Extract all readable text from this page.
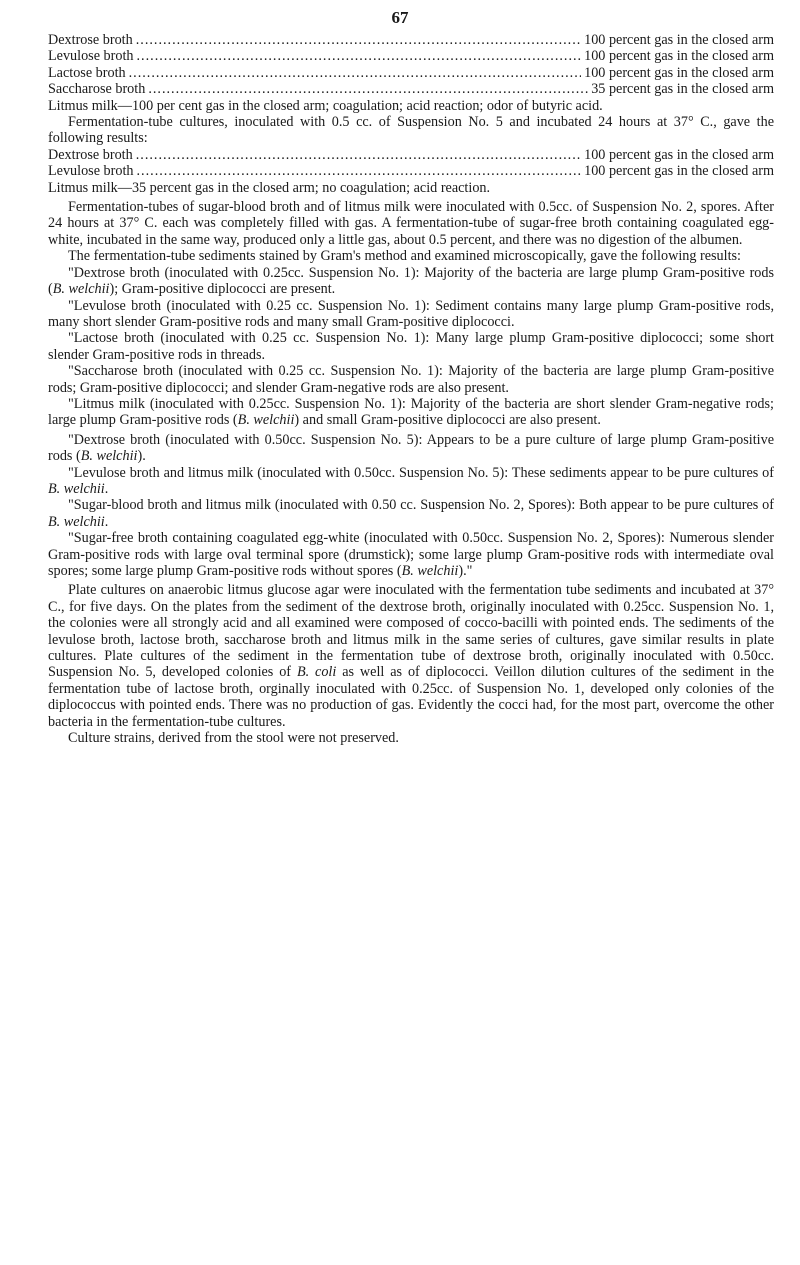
67
Dextrose broth .....	100 percent gas in the closed arm
Levulose broth .....	100 percent gas in the closed arm
Lactose broth .....	100 percent gas in the closed arm
Saccharose broth .....	35 percent gas in the closed arm
Litmus milk—100 per cent gas in the closed arm; coagulation; acid reaction; odor of butyric acid.

Fermentation-tube cultures, inoculated with 0.5 cc. of Suspension No. 5 and incubated 24 hours at 37° C., gave the following results:

Dextrose broth .....	100 percent gas in the closed arm
Levulose broth .....	100 percent gas in the closed arm
Litmus milk—35 percent gas in the closed arm; no coagulation; acid reaction.

Fermentation-tubes of sugar-blood broth and of litmus milk were inoculated with 0.5cc. of Suspension No. 2, spores. After 24 hours at 37° C. each was completely filled with gas. A fermentation-tube of sugar-free broth containing coagulated egg-white, incubated in the same way, produced only a little gas, about 0.5 percent, and there was no digestion of the albumen.

The fermentation-tube sediments stained by Gram's method and examined microscopically, gave the following results:

"Dextrose broth (inoculated with 0.25cc. Suspension No. 1): Majority of the bacteria are large plump Gram-positive rods (B. welchii); Gram-positive diplococci are present.

"Levulose broth (inoculated with 0.25 cc. Suspension No. 1): Sediment contains many large plump Gram-positive rods, many short slender Gram-positive rods and many small Gram-positive diplococci.

"Lactose broth (inoculated with 0.25 cc. Suspension No. 1): Many large plump Gram-positive diplococci; some short slender Gram-positive rods in threads.

"Saccharose broth (inoculated with 0.25 cc. Suspension No. 1): Majority of the bacteria are large plump Gram-positive rods; Gram-positive diplococci; and slender Gram-negative rods are also present.

"Litmus milk (inoculated with 0.25cc. Suspension No. 1): Majority of the bacteria are short slender Gram-negative rods; large plump Gram-positive rods (B. welchii) and small Gram-positive diplococci are also present.

"Dextrose broth (inoculated with 0.50cc. Suspension No. 5): Appears to be a pure culture of large plump Gram-positive rods (B. welchii).

"Levulose broth and litmus milk (inoculated with 0.50cc. Suspension No. 5): These sediments appear to be pure cultures of B. welchii.

"Sugar-blood broth and litmus milk (inoculated with 0.50 cc. Suspension No. 2, Spores): Both appear to be pure cultures of B. welchii.

"Sugar-free broth containing coagulated egg-white (inoculated with 0.50cc. Suspension No. 2, Spores): Numerous slender Gram-positive rods with large oval terminal spore (drumstick); some large plump Gram-positive rods with intermediate oval spores; some large plump Gram-positive rods without spores (B. welchii)."

Plate cultures on anaerobic litmus glucose agar were inoculated with the fermentation tube sediments and incubated at 37° C., for five days. On the plates from the sediment of the dextrose broth, originally inoculated with 0.25cc. Suspension No. 1, the colonies were all strongly acid and all examined were composed of cocco-bacilli with pointed ends. The sediments of the levulose broth, lactose broth, saccharose broth and litmus milk in the same series of cultures, gave similar results in plate cultures. Plate cultures of the sediment in the fermentation tube of dextrose broth, originally inoculated with 0.50cc. Suspension No. 5, developed colonies of B. coli as well as of diplococci. Veillon dilution cultures of the sediment in the fermentation tube of lactose broth, orginally inoculated with 0.25cc. of Suspension No. 1, developed only colonies of the diplococcus with pointed ends. There was no production of gas. Evidently the cocci had, for the most part, overcome the other bacteria in the fermentation-tube cultures.

Culture strains, derived from the stool were not preserved.
